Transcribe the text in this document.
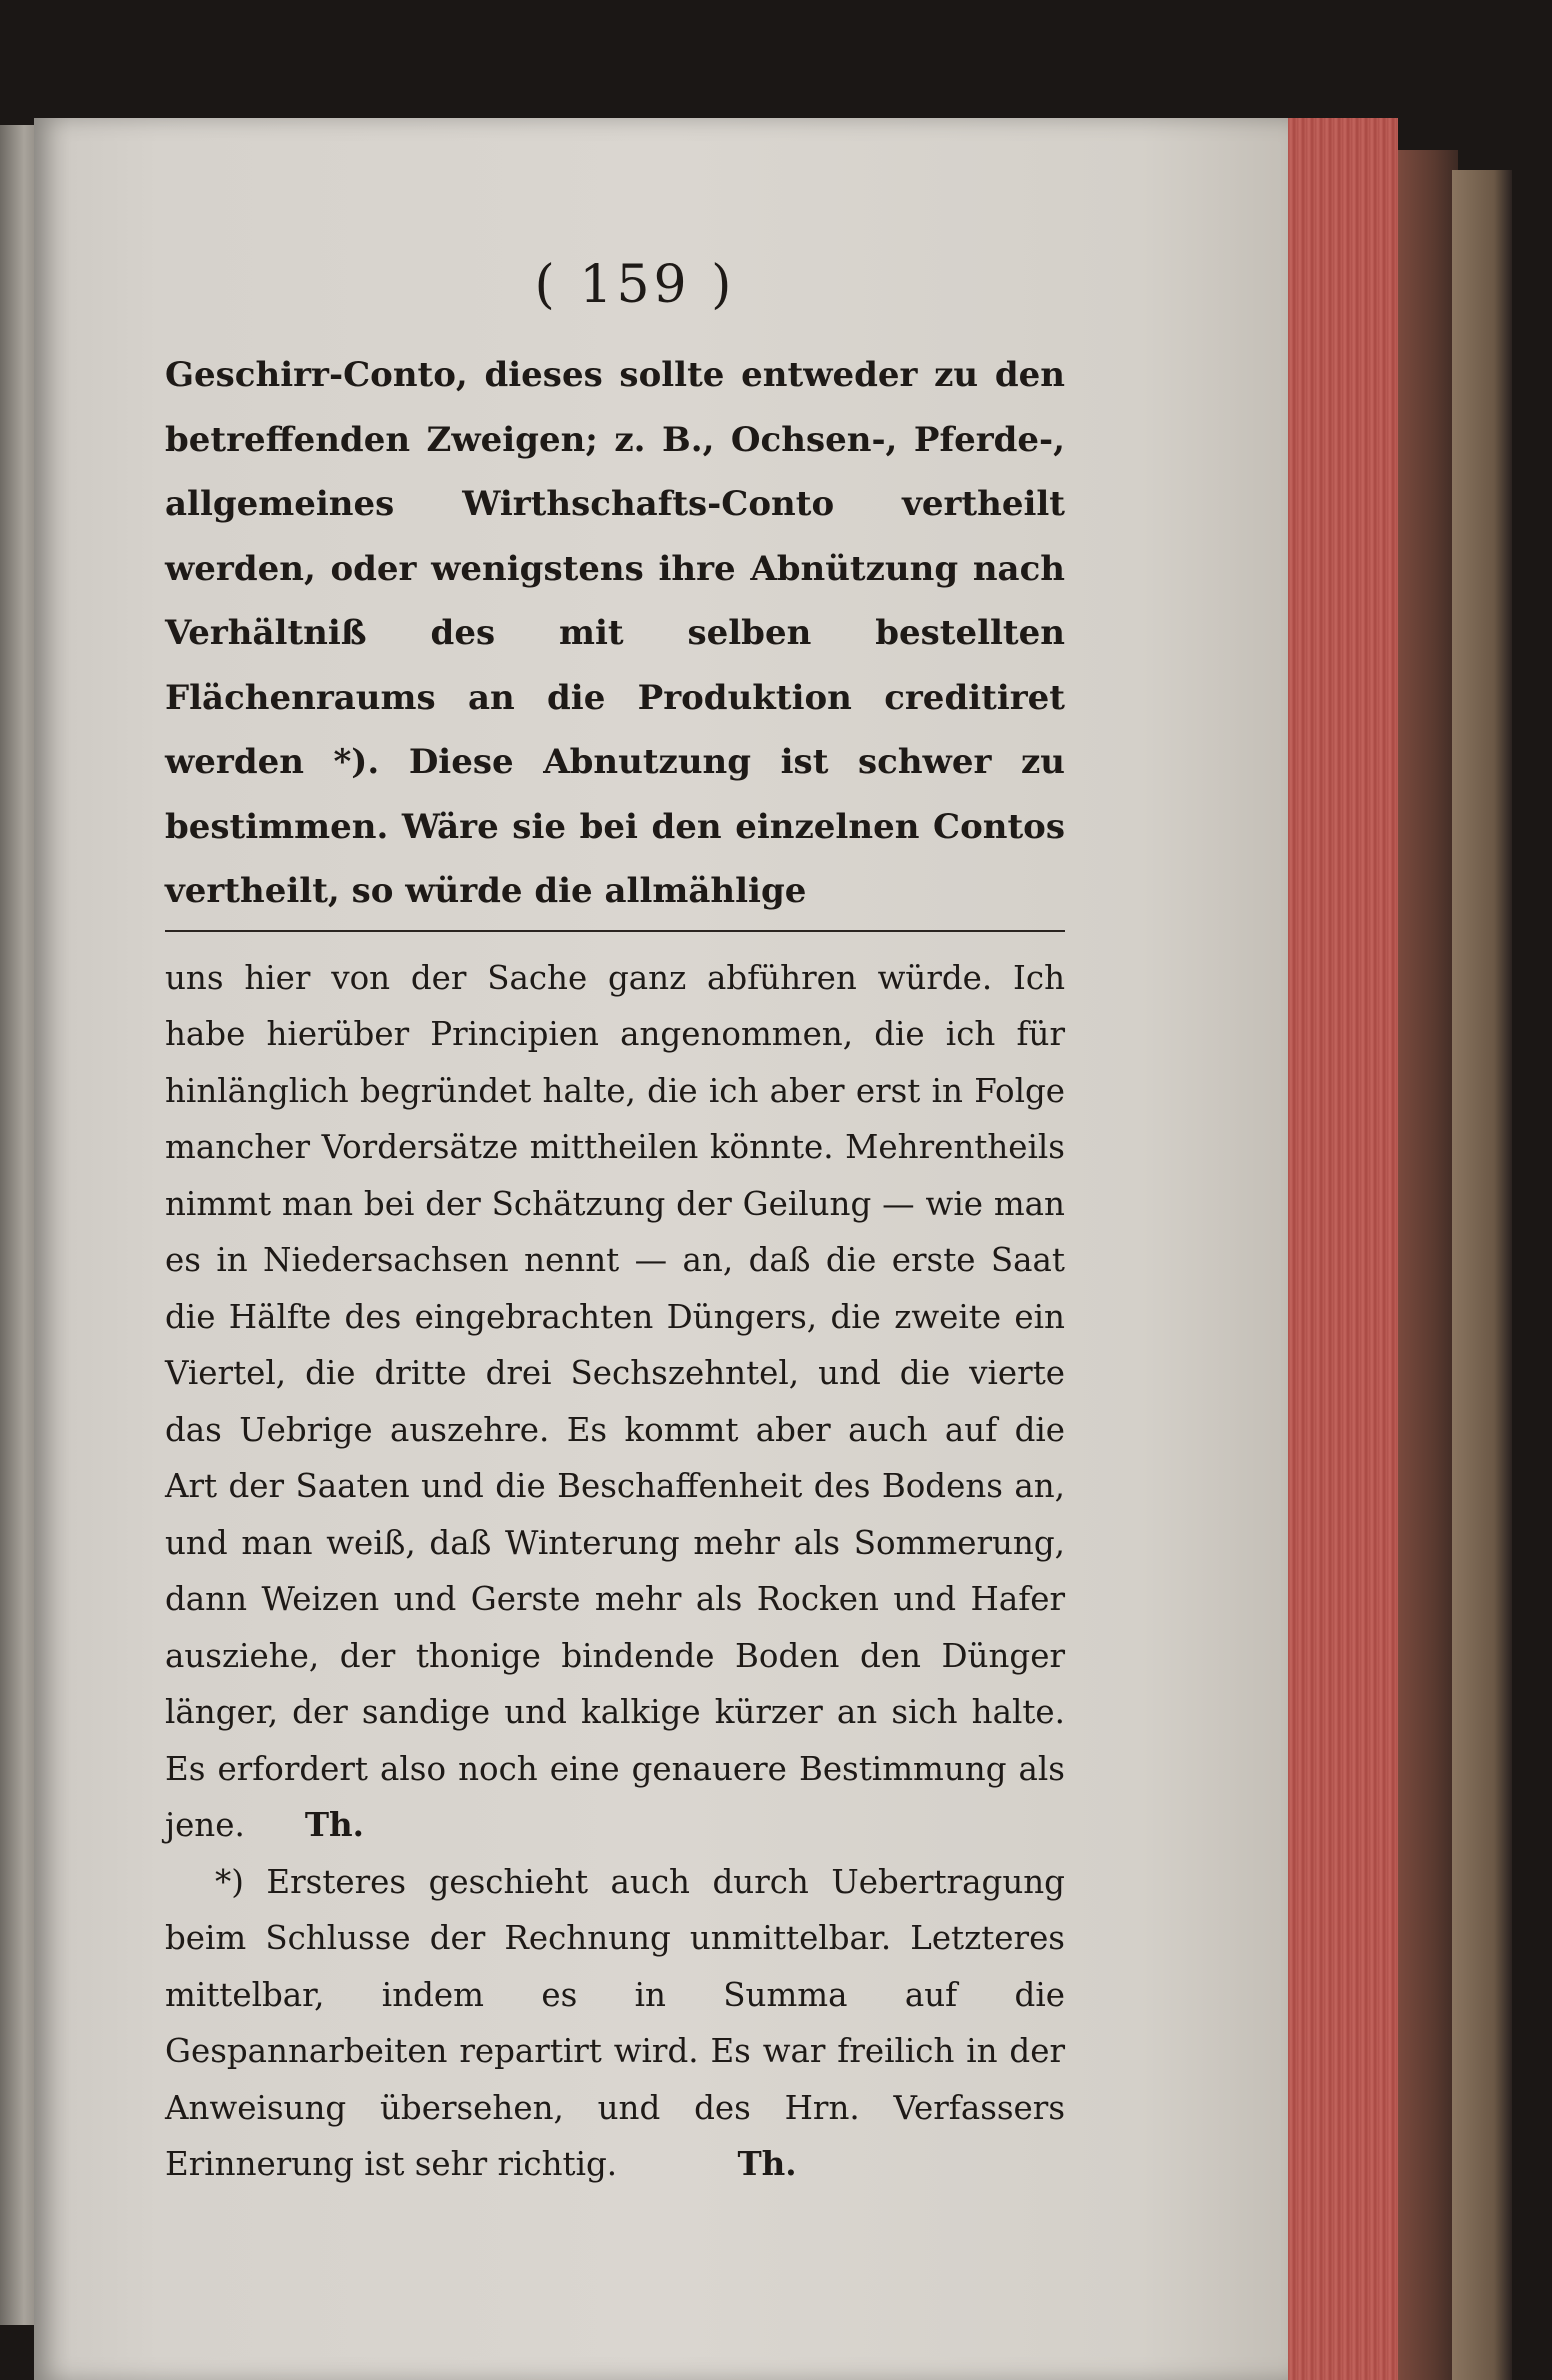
( 159 )

Geschirr-Conto, dieses sollte entweder zu den betreffenden Zweigen; z. B., Ochsen-, Pferde-, allgemeines Wirthschafts-Conto vertheilt werden, oder wenigstens ihre Abnützung nach Verhältniß des mit selben bestellten Flächenraums an die Produktion creditiret werden *). Diese Abnutzung ist schwer zu bestimmen. Wäre sie bei den einzelnen Contos vertheilt, so würde die allmählige

uns hier von der Sache ganz abführen würde. Ich habe hierüber Principien angenommen, die ich für hinlänglich begründet halte, die ich aber erst in Folge mancher Vordersätze mittheilen könnte. Mehrentheils nimmt man bei der Schätzung der Geilung — wie man es in Niedersachsen nennt — an, daß die erste Saat die Hälfte des eingebrachten Düngers, die zweite ein Viertel, die dritte drei Sechszehntel, und die vierte das Uebrige auszehre. Es kommt aber auch auf die Art der Saaten und die Beschaffenheit des Bodens an, und man weiß, daß Winterung mehr als Sommerung, dann Weizen und Gerste mehr als Rocken und Hafer ausziehe, der thonige bindende Boden den Dünger länger, der sandige und kalkige kürzer an sich halte. Es erfordert also noch eine genauere Bestimmung als jene. Th.

*) Ersteres geschieht auch durch Uebertragung beim Schlusse der Rechnung unmittelbar. Letzteres mittelbar, indem es in Summa auf die Gespannarbeiten repartirt wird. Es war freilich in der Anweisung übersehen, und des Hrn. Verfassers Erinnerung ist sehr richtig.	Th.
